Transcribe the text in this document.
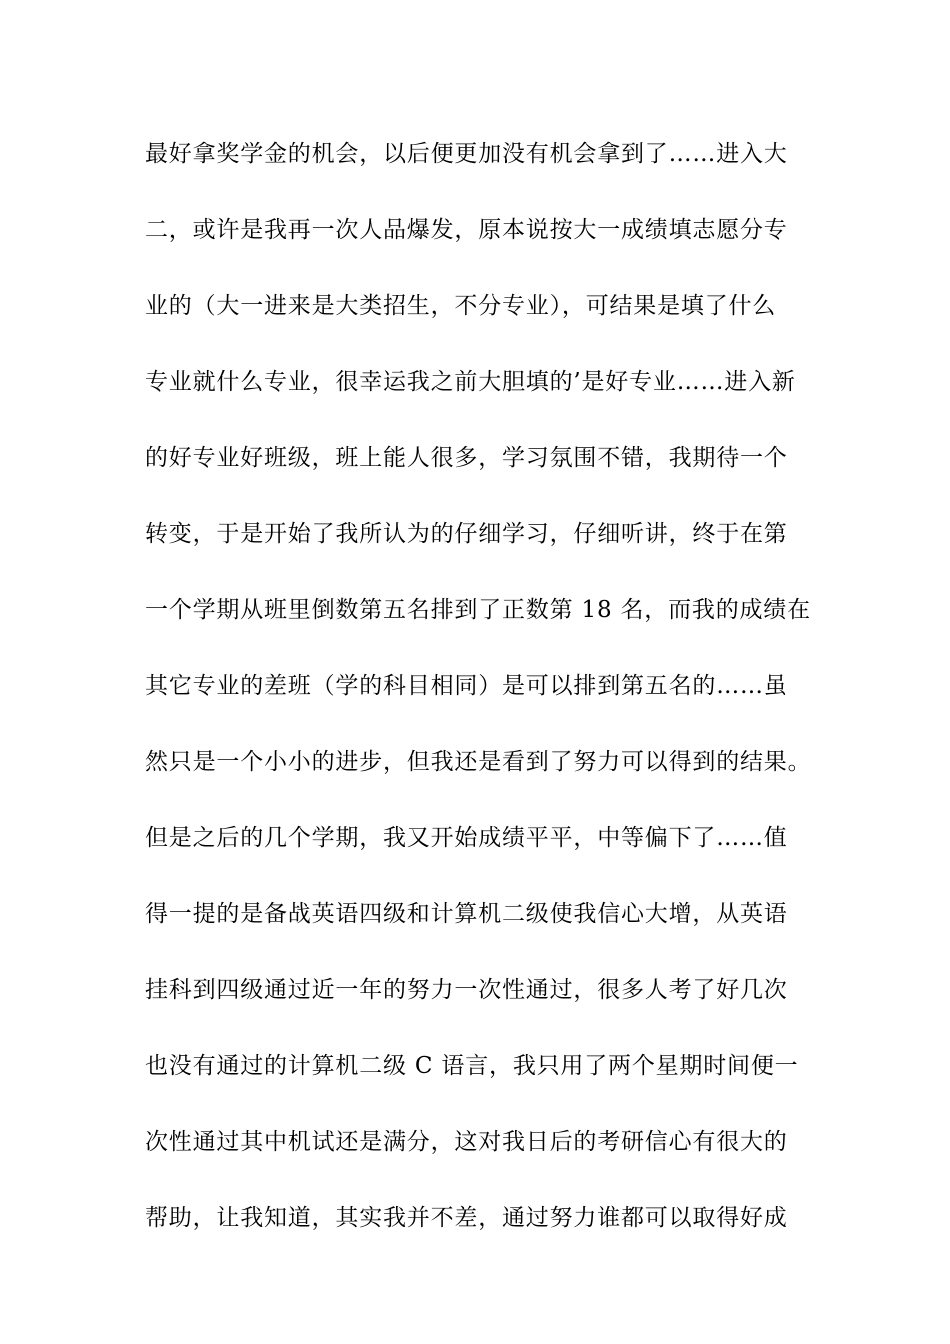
最好拿奖学金的机会，以后便更加没有机会拿到了……进入大
二，或许是我再一次人品爆发，原本说按大一成绩填志愿分专
业的（大一进来是大类招生，不分专业），可结果是填了什么
专业就什么专业，很幸运我之前大胆填的’是好专业……进入新
的好专业好班级，班上能人很多，学习氛围不错，我期待一个
转变，于是开始了我所认为的仔细学习，仔细听讲，终于在第
一个学期从班里倒数第五名排到了正数第 18 名，而我的成绩在
其它专业的差班（学的科目相同）是可以排到第五名的……虽
然只是一个小小的进步，但我还是看到了努力可以得到的结果。
但是之后的几个学期，我又开始成绩平平，中等偏下了……值
得一提的是备战英语四级和计算机二级使我信心大增，从英语
挂科到四级通过近一年的努力一次性通过，很多人考了好几次
也没有通过的计算机二级 C 语言，我只用了两个星期时间便一
次性通过其中机试还是满分，这对我日后的考研信心有很大的
帮助，让我知道，其实我并不差，通过努力谁都可以取得好成
